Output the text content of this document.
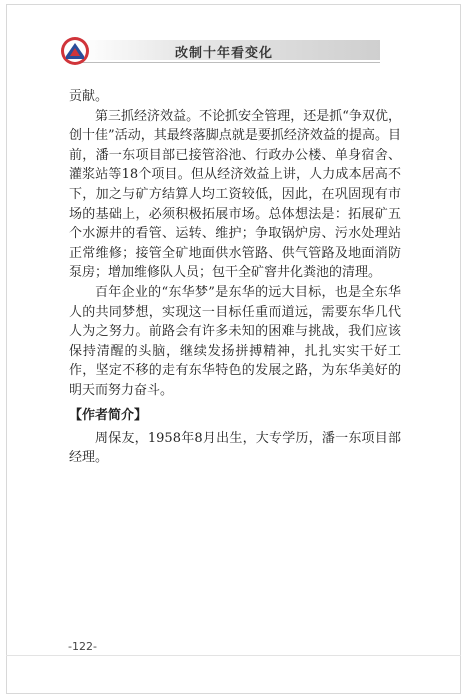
改制十年看变化

贡献。

第三抓经济效益。不论抓安全管理，还是抓“争双优，创十佳”活动，其最终落脚点就是要抓经济效益的提高。目前，潘一东项目部已接管浴池、行政办公楼、单身宿舍、灌浆站等18个项目。但从经济效益上讲，人力成本居高不下，加之与矿方结算人均工资较低，因此，在巩固现有市场的基础上，必须积极拓展市场。总体想法是：拓展矿五个水源井的看管、运转、维护；争取锅炉房、污水处理站正常维修；接管全矿地面供水管路、供气管路及地面消防泵房；增加维修队人员；包干全矿窨井化粪池的清理。

百年企业的“东华梦”是东华的远大目标，也是全东华人的共同梦想，实现这一目标任重而道远，需要东华几代人为之努力。前路会有许多未知的困难与挑战，我们应该保持清醒的头脑，继续发扬拼搏精神，扎扎实实干好工作，坚定不移的走有东华特色的发展之路，为东华美好的明天而努力奋斗。

【作者简介】

周保友，1958年8月出生，大专学历，潘一东项目部经理。

-122-
